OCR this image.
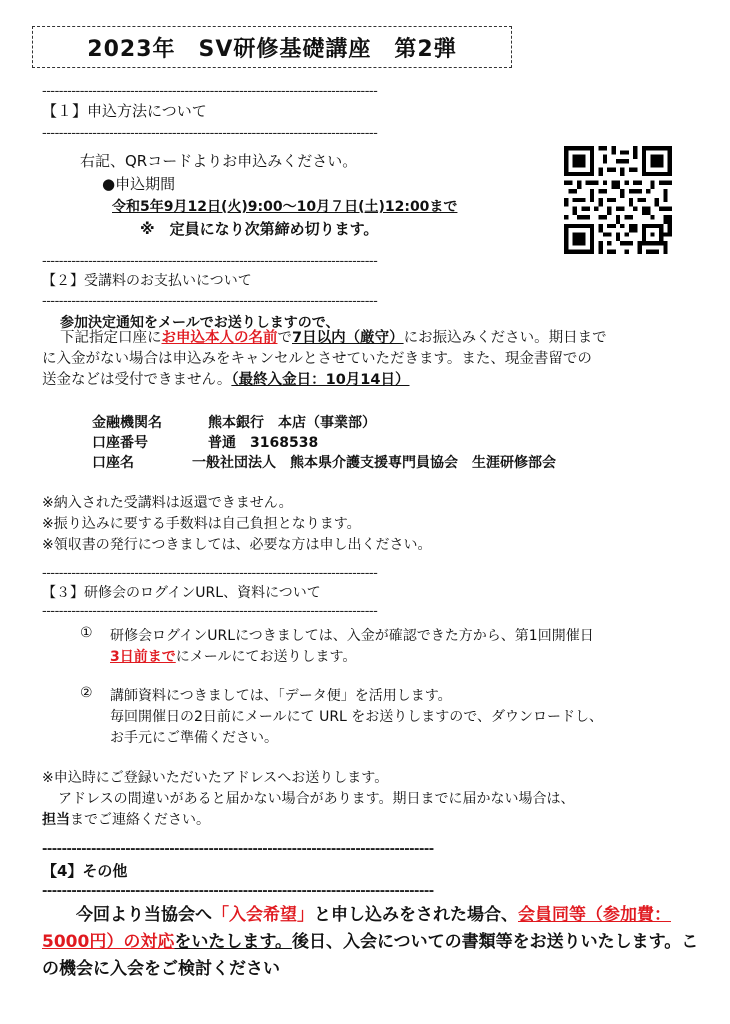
2023年　SV研修基礎講座　第2弾
--------------------------------------------------------------------------------
【１】申込方法について
--------------------------------------------------------------------------------
右記、QRコードよりお申込みください。
●申込期間
令和5年9月12日(火)9:00～10月７日(土)12:00まで
※　定員になり次第締め切ります。
--------------------------------------------------------------------------------
【２】受講料のお支払いについて
--------------------------------------------------------------------------------
参加決定通知をメールでお送りしますので、
下記指定口座にお申込本人の名前で7日以内（厳守）にお振込みください。期日まで
に入金がない場合は申込みをキャンセルとさせていただきます。また、現金書留での
送金などは受付できません。（最終入金日：10月14日）
金融機関名	熊本銀行　本店（事業部）
口座番号	普通　3168538
口座名	一般社団法人　熊本県介護支援専門員協会　生涯研修部会
※納入された受講料は返還できません。
※振り込みに要する手数料は自己負担となります。
※領収書の発行につきましては、必要な方は申し出ください。
--------------------------------------------------------------------------------
【３】研修会のログインURL、資料について
--------------------------------------------------------------------------------
① 研修会ログインURLにつきましては、入金が確認できた方から、第1回開催日
3日前までにメールにてお送りします。
② 講師資料につきましては、「データ便」を活用します。
毎回開催日の2日前にメールにて URL をお送りしますので、ダウンロードし、
お手元にご準備ください。
※申込時にご登録いただいたアドレスへお送りします。
アドレスの間違いがあると届かない場合があります。期日までに届かない場合は、
担当までご連絡ください。
--------------------------------------------------------------------------------
【4】その他
--------------------------------------------------------------------------------
今回より当協会へ「入会希望」と申し込みをされた場合、会員同等（参加費：5000円）の対応をいたします。後日、入会についての書類等をお送りいたします。この機会に入会をご検討ください
